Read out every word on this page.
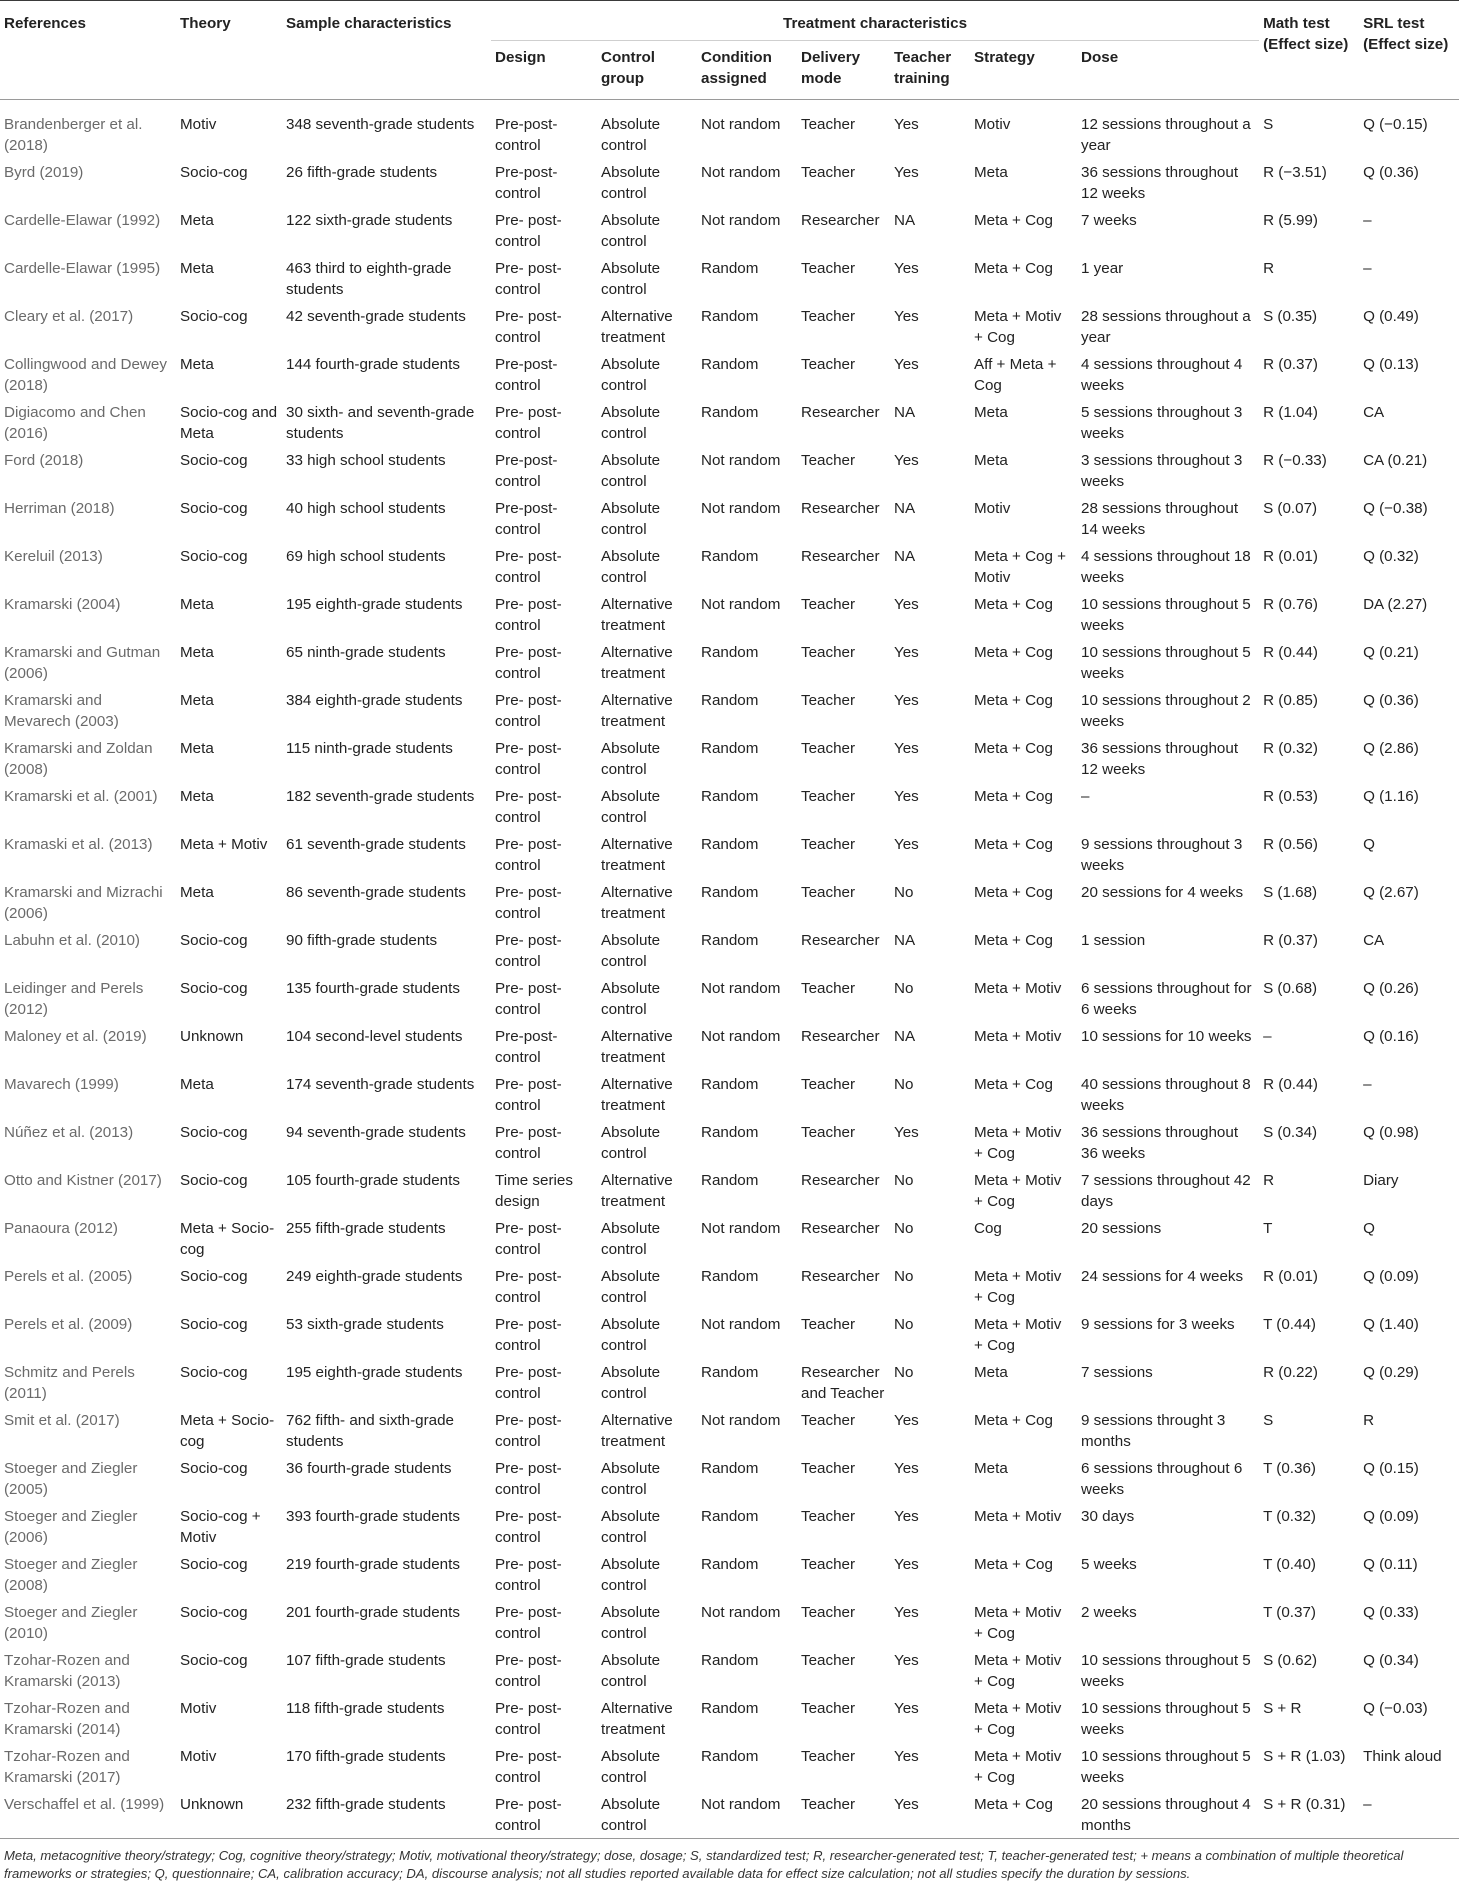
References	Theory	Sample characteristics	Treatment characteristics							Math test (Effect size)	SRL test (Effect size)
			Design	Control group	Condition assigned	Delivery mode	Teacher training	Strategy	Dose		
Brandenberger et al. (2018)	Motiv	348 seventh-grade students	Pre-post-control	Absolute control	Not random	Teacher	Yes	Motiv	12 sessions throughout a year	S	Q (−0.15)
Byrd (2019)	Socio-cog	26 fifth-grade students	Pre-post-control	Absolute control	Not random	Teacher	Yes	Meta	36 sessions throughout 12 weeks	R (−3.51)	Q (0.36)
Cardelle-Elawar (1992)	Meta	122 sixth-grade students	Pre- post-control	Absolute control	Not random	Researcher	NA	Meta + Cog	7 weeks	R (5.99)	–
Cardelle-Elawar (1995)	Meta	463 third to eighth-grade students	Pre- post-control	Absolute control	Random	Teacher	Yes	Meta + Cog	1 year	R	–
Cleary et al. (2017)	Socio-cog	42 seventh-grade students	Pre- post-control	Alternative treatment	Random	Teacher	Yes	Meta + Motiv + Cog	28 sessions throughout a year	S (0.35)	Q (0.49)
Collingwood and Dewey (2018)	Meta	144 fourth-grade students	Pre-post-control	Absolute control	Random	Teacher	Yes	Aff + Meta + Cog	4 sessions throughout 4 weeks	R (0.37)	Q (0.13)
Digiacomo and Chen (2016)	Socio-cog and Meta	30 sixth- and seventh-grade students	Pre- post-control	Absolute control	Random	Researcher	NA	Meta	5 sessions throughout 3 weeks	R (1.04)	CA
Ford (2018)	Socio-cog	33 high school students	Pre-post-control	Absolute control	Not random	Teacher	Yes	Meta	3 sessions throughout 3 weeks	R (−0.33)	CA (0.21)
Herriman (2018)	Socio-cog	40 high school students	Pre-post-control	Absolute control	Not random	Researcher	NA	Motiv	28 sessions throughout 14 weeks	S (0.07)	Q (−0.38)
Kereluil (2013)	Socio-cog	69 high school students	Pre- post-control	Absolute control	Random	Researcher	NA	Meta + Cog + Motiv	4 sessions throughout 18 weeks	R (0.01)	Q (0.32)
Kramarski (2004)	Meta	195 eighth-grade students	Pre- post-control	Alternative treatment	Not random	Teacher	Yes	Meta + Cog	10 sessions throughout 5 weeks	R (0.76)	DA (2.27)
Kramarski and Gutman (2006)	Meta	65 ninth-grade students	Pre- post-control	Alternative treatment	Random	Teacher	Yes	Meta + Cog	10 sessions throughout 5 weeks	R (0.44)	Q (0.21)
Kramarski and Mevarech (2003)	Meta	384 eighth-grade students	Pre- post-control	Alternative treatment	Random	Teacher	Yes	Meta + Cog	10 sessions throughout 2 weeks	R (0.85)	Q (0.36)
Kramarski and Zoldan (2008)	Meta	115 ninth-grade students	Pre- post-control	Absolute control	Random	Teacher	Yes	Meta + Cog	36 sessions throughout 12 weeks	R (0.32)	Q (2.86)
Kramarski et al. (2001)	Meta	182 seventh-grade students	Pre- post-control	Absolute control	Random	Teacher	Yes	Meta + Cog	–	R (0.53)	Q (1.16)
Kramaski et al. (2013)	Meta + Motiv	61 seventh-grade students	Pre- post-control	Alternative treatment	Random	Teacher	Yes	Meta + Cog	9 sessions throughout 3 weeks	R (0.56)	Q
Kramarski and Mizrachi (2006)	Meta	86 seventh-grade students	Pre- post-control	Alternative treatment	Random	Teacher	No	Meta + Cog	20 sessions for 4 weeks	S (1.68)	Q (2.67)
Labuhn et al. (2010)	Socio-cog	90 fifth-grade students	Pre- post-control	Absolute control	Random	Researcher	NA	Meta + Cog	1 session	R (0.37)	CA
Leidinger and Perels (2012)	Socio-cog	135 fourth-grade students	Pre- post-control	Absolute control	Not random	Teacher	No	Meta + Motiv	6 sessions throughout for 6 weeks	S (0.68)	Q (0.26)
Maloney et al. (2019)	Unknown	104 second-level students	Pre-post-control	Alternative treatment	Not random	Researcher	NA	Meta + Motiv	10 sessions for 10 weeks	–	Q (0.16)
Mavarech (1999)	Meta	174 seventh-grade students	Pre- post-control	Alternative treatment	Random	Teacher	No	Meta + Cog	40 sessions throughout 8 weeks	R (0.44)	–
Núñez et al. (2013)	Socio-cog	94 seventh-grade students	Pre- post-control	Absolute control	Random	Teacher	Yes	Meta + Motiv + Cog	36 sessions throughout 36 weeks	S (0.34)	Q (0.98)
Otto and Kistner (2017)	Socio-cog	105 fourth-grade students	Time series design	Alternative treatment	Random	Researcher	No	Meta + Motiv + Cog	7 sessions throughout 42 days	R	Diary
Panaoura (2012)	Meta + Socio-cog	255 fifth-grade students	Pre- post-control	Absolute control	Not random	Researcher	No	Cog	20 sessions	T	Q
Perels et al. (2005)	Socio-cog	249 eighth-grade students	Pre- post-control	Absolute control	Random	Researcher	No	Meta + Motiv + Cog	24 sessions for 4 weeks	R (0.01)	Q (0.09)
Perels et al. (2009)	Socio-cog	53 sixth-grade students	Pre- post-control	Absolute control	Not random	Teacher	No	Meta + Motiv + Cog	9 sessions for 3 weeks	T (0.44)	Q (1.40)
Schmitz and Perels (2011)	Socio-cog	195 eighth-grade students	Pre- post-control	Absolute control	Random	Researcher and Teacher	No	Meta	7 sessions	R (0.22)	Q (0.29)
Smit et al. (2017)	Meta + Socio-cog	762 fifth- and sixth-grade students	Pre- post-control	Alternative treatment	Not random	Teacher	Yes	Meta + Cog	9 sessions throught 3 months	S	R
Stoeger and Ziegler (2005)	Socio-cog	36 fourth-grade students	Pre- post-control	Absolute control	Random	Teacher	Yes	Meta	6 sessions throughout 6 weeks	T (0.36)	Q (0.15)
Stoeger and Ziegler (2006)	Socio-cog + Motiv	393 fourth-grade students	Pre- post-control	Absolute control	Random	Teacher	Yes	Meta + Motiv	30 days	T (0.32)	Q (0.09)
Stoeger and Ziegler (2008)	Socio-cog	219 fourth-grade students	Pre- post-control	Absolute control	Random	Teacher	Yes	Meta + Cog	5 weeks	T (0.40)	Q (0.11)
Stoeger and Ziegler (2010)	Socio-cog	201 fourth-grade students	Pre- post-control	Absolute control	Not random	Teacher	Yes	Meta + Motiv + Cog	2 weeks	T (0.37)	Q (0.33)
Tzohar-Rozen and Kramarski (2013)	Socio-cog	107 fifth-grade students	Pre- post-control	Absolute control	Random	Teacher	Yes	Meta + Motiv + Cog	10 sessions throughout 5 weeks	S (0.62)	Q (0.34)
Tzohar-Rozen and Kramarski (2014)	Motiv	118 fifth-grade students	Pre- post-control	Alternative treatment	Random	Teacher	Yes	Meta + Motiv + Cog	10 sessions throughout 5 weeks	S + R	Q (−0.03)
Tzohar-Rozen and Kramarski (2017)	Motiv	170 fifth-grade students	Pre- post-control	Absolute control	Random	Teacher	Yes	Meta + Motiv + Cog	10 sessions throughout 5 weeks	S + R (1.03)	Think aloud
Verschaffel et al. (1999)	Unknown	232 fifth-grade students	Pre- post-control	Absolute control	Not random	Teacher	Yes	Meta + Cog	20 sessions throughout 4 months	S + R (0.31)	–
Meta, metacognitive theory/strategy; Cog, cognitive theory/strategy; Motiv, motivational theory/strategy; dose, dosage; S, standardized test; R, researcher-generated test; T, teacher-generated test; + means a combination of multiple theoretical frameworks or strategies; Q, questionnaire; CA, calibration accuracy; DA, discourse analysis; not all studies reported available data for effect size calculation; not all studies specify the duration by sessions.
